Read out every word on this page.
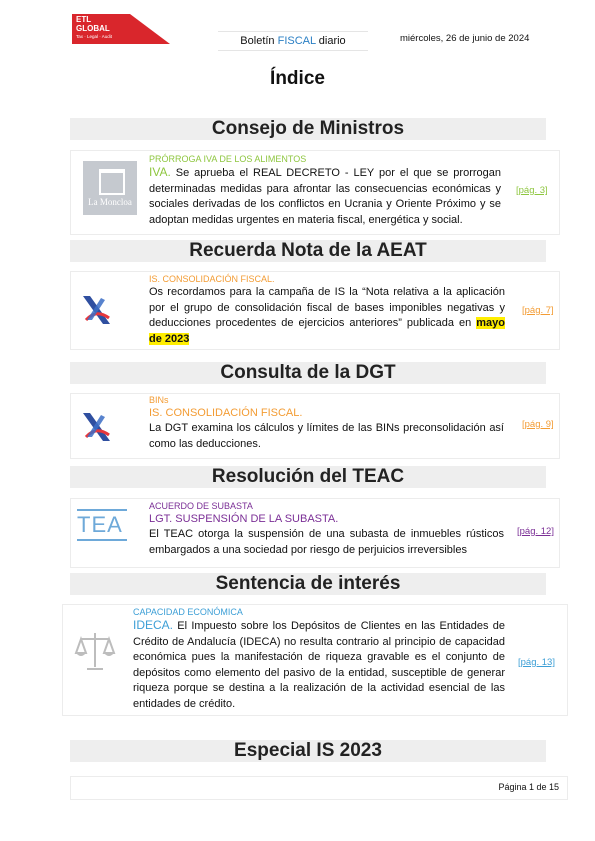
ETL
GLOBAL
Tax · Legal · Audit	Boletín FISCAL diario	miércoles, 26 de junio de 2024
Índice
Consejo de Ministros
La Moncloa
PRÓRROGA IVA DE LOS ALIMENTOS
IVA. Se aprueba el REAL DECRETO - LEY por el que se prorrogan determinadas medidas para afrontar las consecuencias económicas y sociales derivadas de los conflictos en Ucrania y Oriente Próximo y se adoptan medidas urgentes en materia fiscal, energética y social.
[pág. 3]
Recuerda Nota de la AEAT
IS. CONSOLIDACIÓN FISCAL.
Os recordamos para la campaña de IS la “Nota relativa a la aplicación por el grupo de consolidación fiscal de bases imponibles negativas y deducciones procedentes de ejercicios anteriores” publicada en mayo de 2023
[pág. 7]
Consulta de la DGT
BINs
IS. CONSOLIDACIÓN FISCAL.
La DGT examina los cálculos y límites de las BINs preconsolidación así como las deducciones.
[pág. 9]
Resolución del TEAC
TEA
ACUERDO DE SUBASTA
LGT. SUSPENSIÓN DE LA SUBASTA.
El TEAC otorga la suspensión de una subasta de inmuebles rústicos embargados a una sociedad por riesgo de perjuicios irreversibles
[pág. 12]
Sentencia de interés
CAPACIDAD ECONÓMICA
IDECA. El Impuesto sobre los Depósitos de Clientes en las Entidades de Crédito de Andalucía (IDECA) no resulta contrario al principio de capacidad económica pues la manifestación de riqueza gravable es el conjunto de depósitos como elemento del pasivo de la entidad, susceptible de generar riqueza porque se destina a la realización de la actividad esencial de las entidades de crédito.
[pág. 13]
Especial IS 2023
Página 1 de 15
